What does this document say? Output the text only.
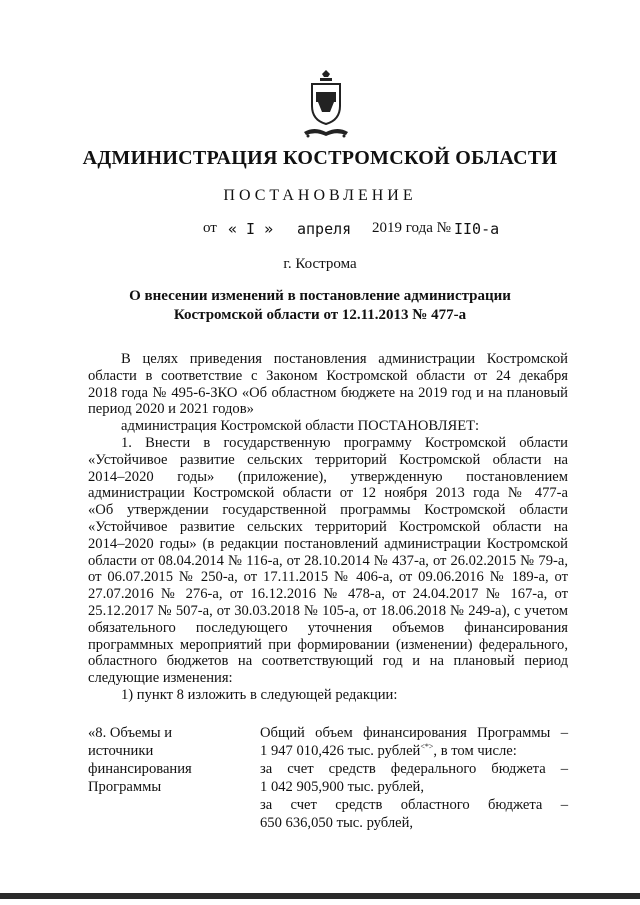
АДМИНИСТРАЦИЯ КОСТРОМСКОЙ ОБЛАСТИ
ПОСТАНОВЛЕНИЕ
от « I » апреля 2019 года № II0-а
г. Кострома
О внесении изменений в постановление администрации
Костромской области от 12.11.2013 № 477-а

В целях приведения постановления администрации Костромской

области в соответствие с Законом Костромской области от 24 декабря

2018 года № 495-6-ЗКО «Об областном бюджете на 2019 год и на плановый

период 2020 и 2021 годов»

администрация Костромской области ПОСТАНОВЛЯЕТ:

1. Внести в государственную программу Костромской области

«Устойчивое развитие сельских территорий Костромской области на

2014–2020 годы» (приложение), утвержденную постановлением

администрации Костромской области от 12 ноября 2013 года № 477-а

«Об утверждении государственной программы Костромской области

«Устойчивое развитие сельских территорий Костромской области на

2014–2020 годы» (в редакции постановлений администрации Костромской

области от 08.04.2014 № 116-а, от 28.10.2014 № 437-а, от 26.02.2015 № 79-а,

от 06.07.2015 № 250-а, от 17.11.2015 № 406-а, от 09.06.2016 № 189-а, от

27.07.2016 № 276-а, от 16.12.2016 № 478-а, от 24.04.2017 № 167-а, от

25.12.2017 № 507-а, от 30.03.2018 № 105-а, от 18.06.2018 № 249-а), с учетом

обязательного последующего уточнения объемов финансирования

программных мероприятий при формировании (изменении) федерального,

областного бюджетов на соответствующий год и на плановый период

следующие изменения:

1) пункт 8 изложить в следующей редакции:

«8. Объемы и
источники
финансирования
Программы

Общий объем финансирования Программы –

1 947 010,426 тыс. рублей<*>, в том числе:

за счет средств федерального бюджета –

1 042 905,900 тыс. рублей,

за счет средств областного бюджета –

650 636,050 тыс. рублей,
